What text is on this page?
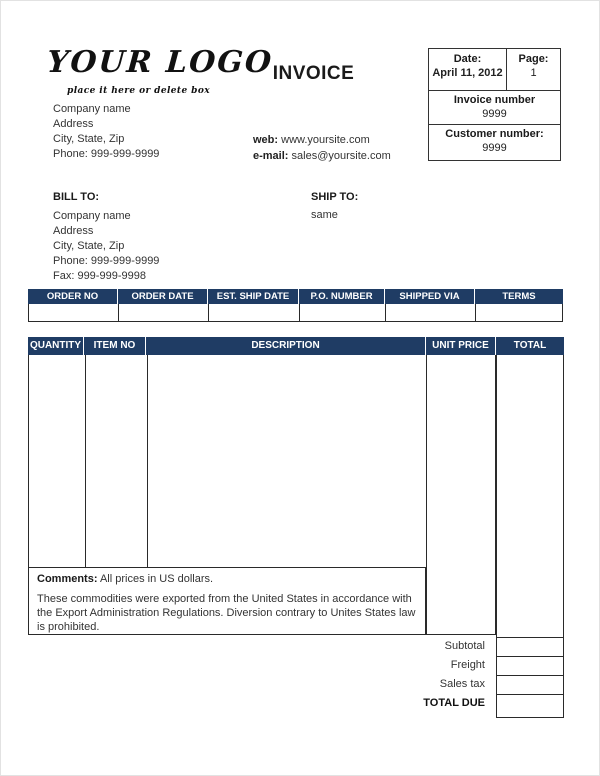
YOUR LOGO
place it here or delete box
Company name
Address
City, State, Zip
Phone: 999-999-9999
INVOICE
web: www.yoursite.com
e-mail: sales@yoursite.com
Date:
April 11, 2012
Page:
1
Invoice number
9999
Customer number:
9999
BILL TO:
Company name
Address
City, State, Zip
Phone: 999-999-9999
Fax: 999-999-9998
SHIP TO:
same
ORDER NO	ORDER DATE	EST. SHIP DATE	P.O. NUMBER	SHIPPED VIA	TERMS
QUANTITY	ITEM NO	DESCRIPTION	UNIT PRICE	TOTAL
Comments: All prices in US dollars.
These commodities were exported from the United States in accordance with the Export Administration Regulations. Diversion contrary to Unites States law is prohibited.
Subtotal
Freight
Sales tax
TOTAL DUE
